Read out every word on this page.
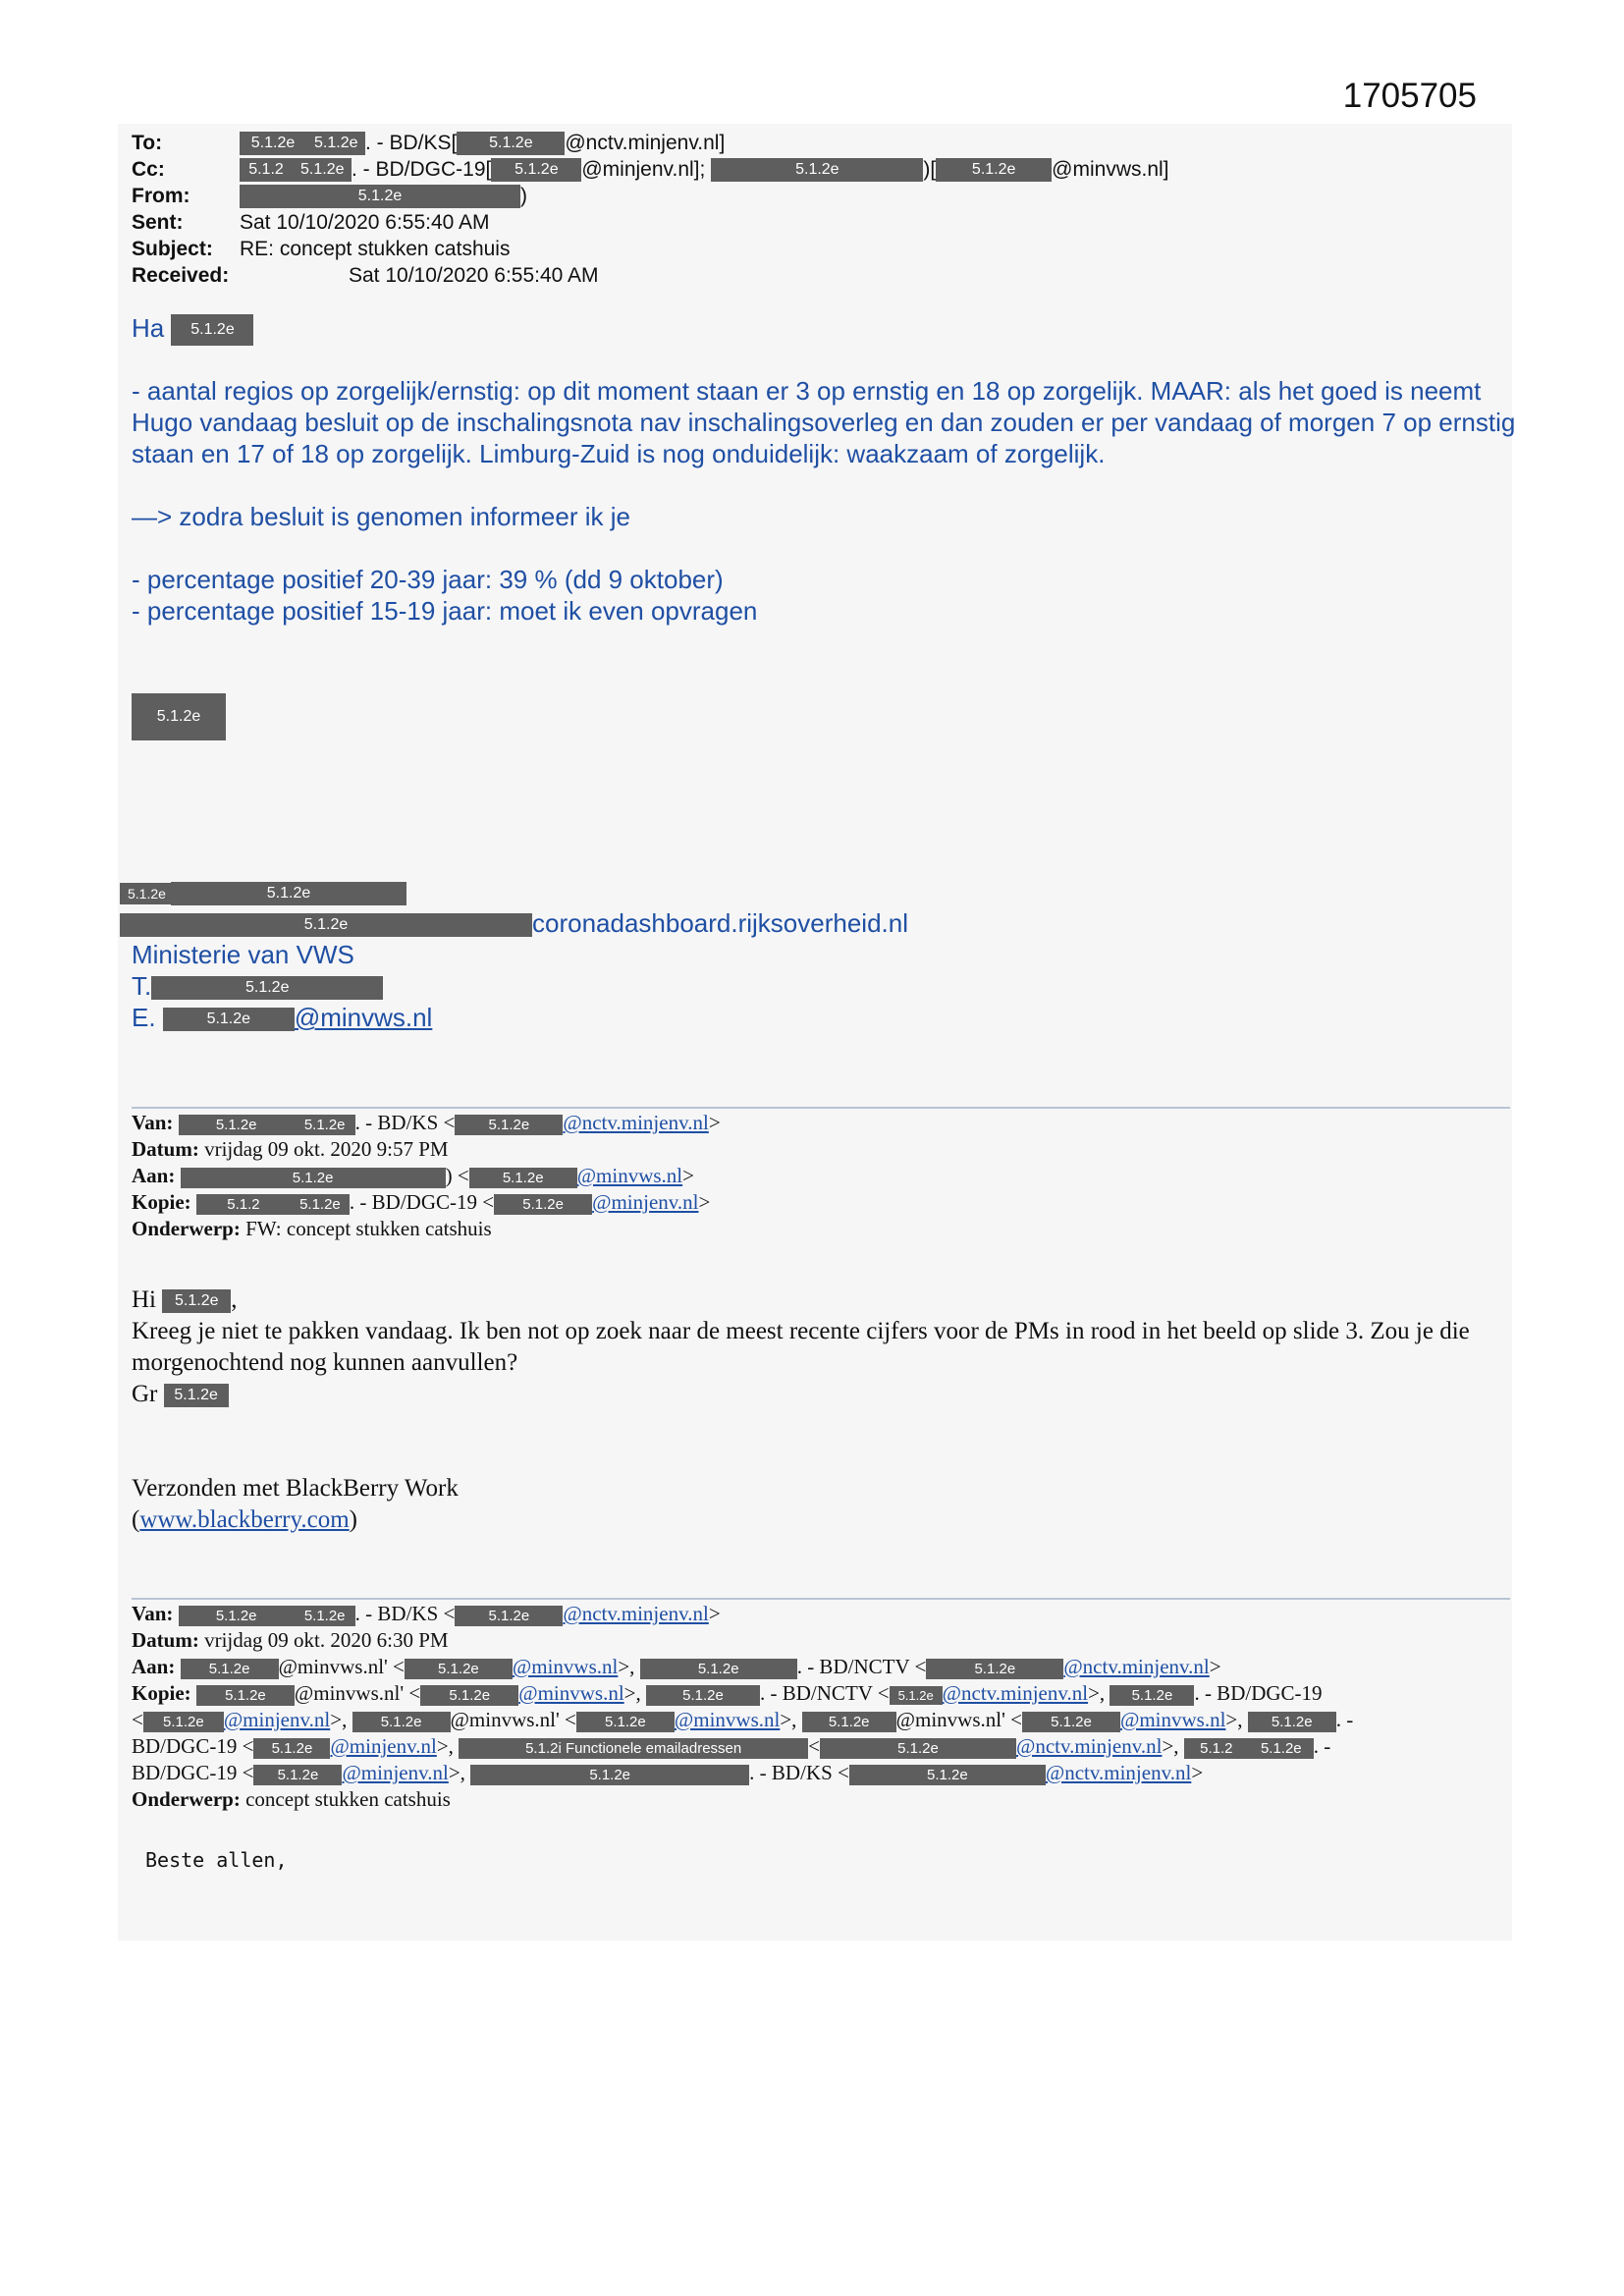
1705705
To:	5.1.2e 5.1.2e . - BD/KS[ 5.1.2e @nctv.minjenv.nl]
Cc:	5.1.2 5.1.2e . - BD/DGC-19[ 5.1.2e @minjenv.nl];	5.1.2e	)[ 5.1.2e @minvws.nl]
From:	5.1.2e	)
Sent:	Sat 10/10/2020 6:55:40 AM
Subject: RE: concept stukken catshuis
Received:	Sat 10/10/2020 6:55:40 AM

Ha 5.1.2e

- aantal regios op zorgelijk/ernstig: op dit moment staan er 3 op ernstig en 18 op zorgelijk. MAAR: als het goed is neemt Hugo vandaag besluit op de inschalingsnota nav inschalingsoverleg en dan zouden er per vandaag of morgen 7 op ernstig staan en 17 of 18 op zorgelijk. Limburg-Zuid is nog onduidelijk: waakzaam of zorgelijk.

—> zodra besluit is genomen informeer ik je

- percentage positief 20-39 jaar: 39 % (dd 9 oktober)

- percentage positief 15-19 jaar: moet ik even opvragen

5.1.2e

5.1.2e	5.1.2e
5.1.2e	coronadashboard.rijksoverheid.nl
Ministerie van VWS
T.	5.1.2e
E.	5.1.2e @minvws.nl
Van:	5.1.2e	5.1.2e . - BD/KS < 5.1.2e @nctv.minjenv.nl>
Datum: vrijdag 09 okt. 2020 9:57 PM
Aan:	5.1.2e	) < 5.1.2e @minvws.nl>
Kopie: 5.1.2	5.1.2e . - BD/DGC-19 < 5.1.2e @minjenv.nl>
Onderwerp: FW: concept stukken catshuis

Hi 5.1.2e ,

Kreeg je niet te pakken vandaag. Ik ben not op zoek naar de meest recente cijfers voor de PMs in rood in het beeld op slide 3. Zou je die morgenochtend nog kunnen aanvullen?

Gr 5.1.2e

Verzonden met BlackBerry Work

(www.blackberry.com)

Van:	5.1.2e	5.1.2e . - BD/KS < 5.1.2e @nctv.minjenv.nl>
Datum: vrijdag 09 okt. 2020 6:30 PM
Aan: 5.1.2e @minvws.nl' < 5.1.2e @minvws.nl>,	5.1.2e	. - BD/NCTV <	5.1.2e @nctv.minjenv.nl>
Kopie: 5.1.2e @minvws.nl' < 5.1.2e @minvws.nl>,	5.1.2e . - BD/NCTV < 5.1.2e @nctv.minjenv.nl>, 5.1.2e . - BD/DGC-19
< 5.1.2e @minjenv.nl>, 5.1.2e @minvws.nl' < 5.1.2e @minvws.nl>, 5.1.2e @minvws.nl' < 5.1.2e @minvws.nl>, 5.1.2e . -
BD/DGC-19 < 5.1.2e @minjenv.nl>,	5.1.2i Functionele emailadressen	<	5.1.2e	@nctv.minjenv.nl>, 5.1.2 5.1.2e . -
BD/DGC-19 < 5.1.2e @minjenv.nl>,	5.1.2e	. - BD/KS <	5.1.2e	@nctv.minjenv.nl>
Onderwerp: concept stukken catshuis
Beste allen,
